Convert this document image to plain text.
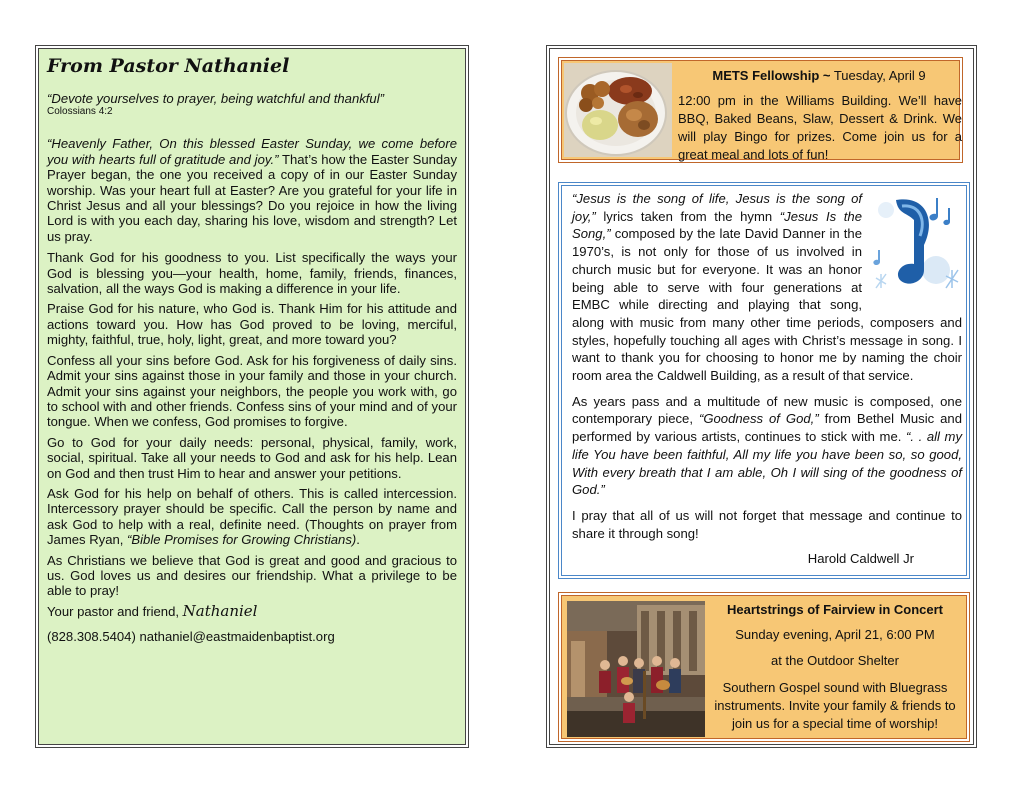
From Pastor Nathaniel
“Devote yourselves to prayer, being watchful and thankful”
Colossians 4:2

“Heavenly Father, On this blessed Easter Sunday, we come before you with hearts full of gratitude and joy.” That’s how the Easter Sunday Prayer began, the one you received a copy of in our Easter Sunday worship. Was your heart full at Easter? Are you grateful for your life in Christ Jesus and all your blessings? Do you rejoice in how the living Lord is with you each day, sharing his love, wisdom and strength? Let us pray.

Thank God for his goodness to you. List specifically the ways your God is blessing you—your health, home, family, friends, finances, salvation, all the ways God is making a difference in your life.

Praise God for his nature, who God is. Thank Him for his attitude and actions toward you. How has God proved to be loving, merciful, mighty, faithful, true, holy, light, great, and more toward you?

Confess all your sins before God. Ask for his forgiveness of daily sins. Admit your sins against those in your family and those in your church. Admit your sins against your neighbors, the people you work with, go to school with and other friends. Confess sins of your mind and of your tongue. When we confess, God promises to forgive.

Go to God for your daily needs: personal, physical, family, work, social, spiritual. Take all your needs to God and ask for his help. Lean on God and then trust Him to hear and answer your petitions.

Ask God for his help on behalf of others. This is called intercession. Intercessory prayer should be specific. Call the person by name and ask God to help with a real, definite need. (Thoughts on prayer from James Ryan, “Bible Promises for Growing Christians).

As Christians we believe that God is great and good and gracious to us. God loves us and desires our friendship. What a privilege to be able to pray!

Your pastor and friend, Nathaniel

(828.308.5404) nathaniel@eastmaidenbaptist.org

METS Fellowship ~ Tuesday, April 9
12:00 pm in the Williams Building. We’ll have BBQ, Baked Beans, Slaw, Dessert & Drink. We will play Bingo for prizes. Come join us for a great meal and lots of fun!

“Jesus is the song of life, Jesus is the song of joy,” lyrics taken from the hymn “Jesus Is the Song,” composed by the late David Danner in the 1970’s, is not only for those of us involved in church music but for everyone. It was an honor being able to serve with four generations at EMBC while directing and playing that song, along with music from many other time periods, composers and styles, hopefully touching all ages with Christ’s message in song. I want to thank you for choosing to honor me by naming the choir room area the Caldwell Building, as a result of that service.

As years pass and a multitude of new music is composed, one contemporary piece, “Goodness of God,” from Bethel Music and performed by various artists, continues to stick with me. “. . all my life You have been faithful, All my life you have been so, so good, With every breath that I am able, Oh I will sing of the goodness of God.”

I pray that all of us will not forget that message and continue to share it through song!

Harold Caldwell Jr

Heartstrings of Fairview in Concert
Sunday evening, April 21, 6:00 PM
at the Outdoor Shelter
Southern Gospel sound with Bluegrass instruments. Invite your family & friends to join us for a special time of worship!
